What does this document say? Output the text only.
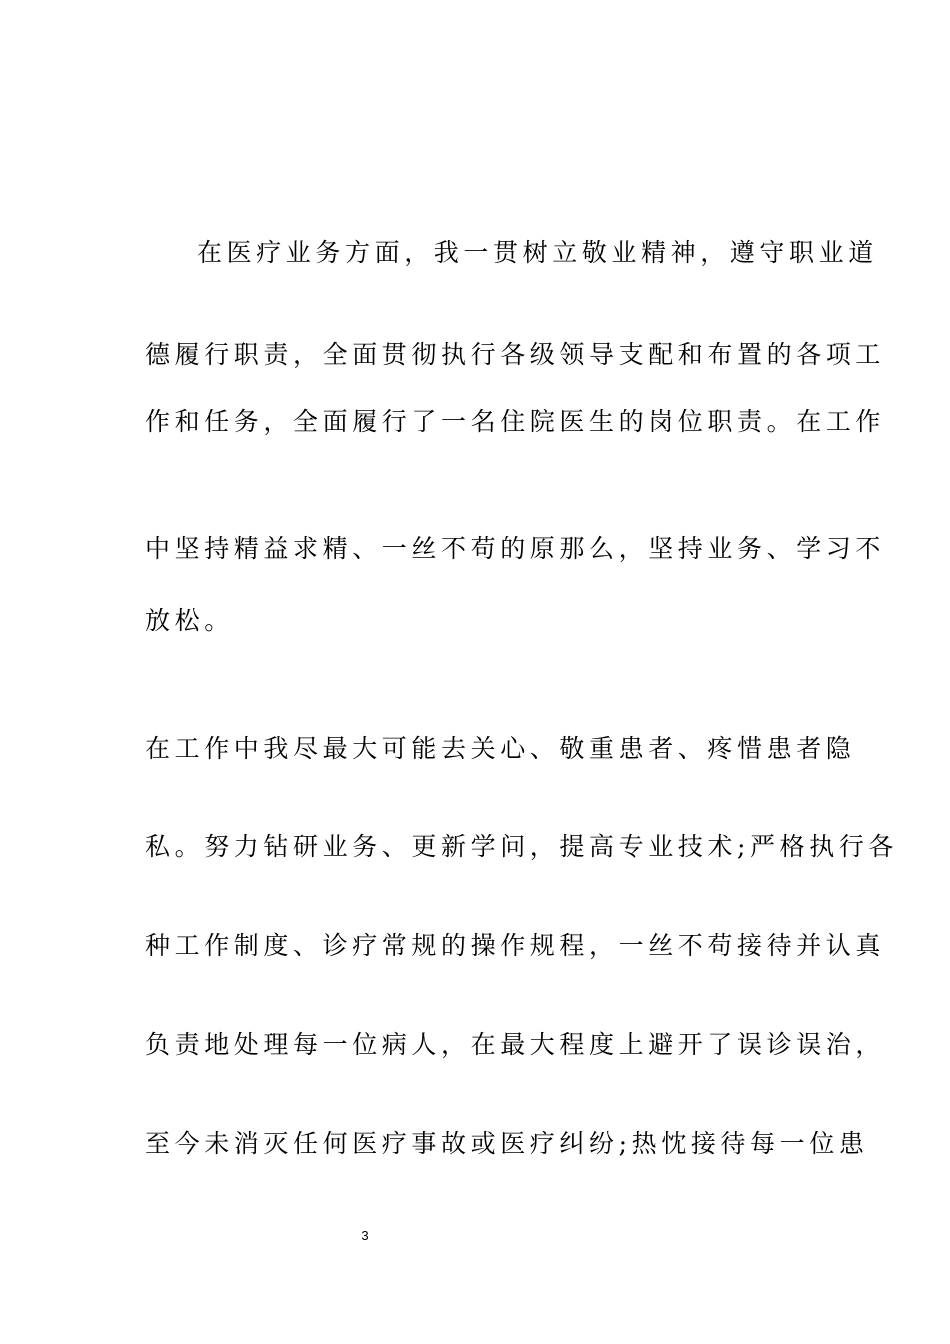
在医疗业务方面，我一贯树立敬业精神，遵守职业道
德履行职责，全面贯彻执行各级领导支配和布置的各项工
作和任务，全面履行了一名住院医生的岗位职责。在工作
中坚持精益求精、一丝不苟的原那么，坚持业务、学习不
放松。
在工作中我尽最大可能去关心、敬重患者、疼惜患者隐
私。努力钻研业务、更新学问，提高专业技术;严格执行各
种工作制度、诊疗常规的操作规程，一丝不苟接待并认真
负责地处理每一位病人，在最大程度上避开了误诊误治，
至今未消灭任何医疗事故或医疗纠纷;热忱接待每一位患
3
